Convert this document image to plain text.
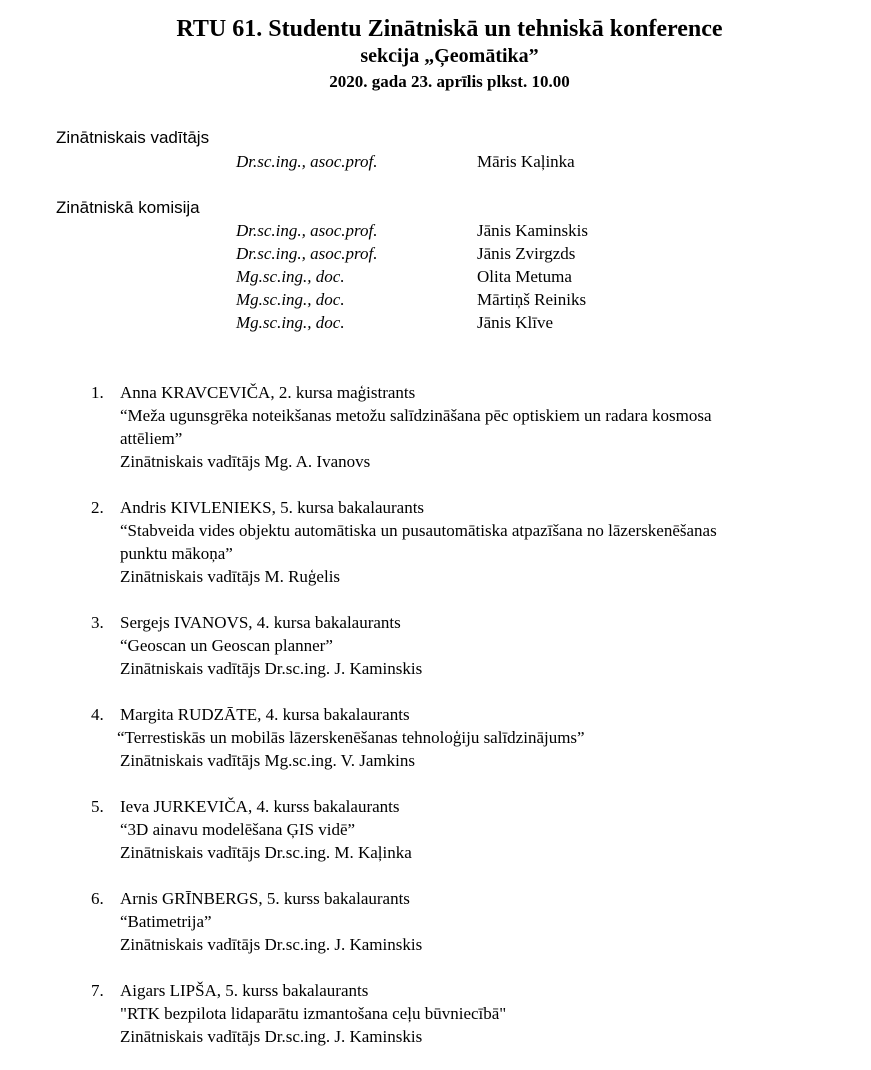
RTU 61. Studentu Zinātniskā un tehniskā konference
sekcija „Ģeomātika”
2020. gada 23. aprīlis plkst. 10.00
Zinātniskais vadītājs
Dr.sc.ing., asoc.prof.	Māris Kaļinka
Zinātniskā komisija
Dr.sc.ing., asoc.prof.	Jānis Kaminskis
Dr.sc.ing., asoc.prof.	Jānis Zvirgzds
Mg.sc.ing., doc.	Olita Metuma
Mg.sc.ing., doc.	Mārtiņš Reiniks
Mg.sc.ing., doc.	Jānis Klīve
1. Anna KRAVCEVIČA, 2. kursa maģistrants
“Meža ugunsgrēka noteikšanas metožu salīdzināšana pēc optiskiem un radara kosmosa
attēliem”
Zinātniskais vadītājs Mg. A. Ivanovs
2. Andris KIVLENIEKS, 5. kursa bakalaurants
“Stabveida vides objektu automātiska un pusautomātiska atpazīšana no lāzerskenēšanas
punktu mākoņa”
Zinātniskais vadītājs M. Ruģelis
3. Sergejs IVANOVS, 4. kursa bakalaurants
“Geoscan un Geoscan planner”
Zinātniskais vadītājs Dr.sc.ing. J. Kaminskis
4. Margita RUDZĀTE, 4. kursa bakalaurants
“Terrestiskās un mobilās lāzerskenēšanas tehnoloģiju salīdzinājums”
Zinātniskais vadītājs Mg.sc.ing. V. Jamkins
5. Ieva JURKEVIČA, 4. kurss bakalaurants
“3D ainavu modelēšana ĢIS vidē”
Zinātniskais vadītājs Dr.sc.ing. M. Kaļinka
6. Arnis GRĪNBERGS, 5. kurss bakalaurants
“Batimetrija”
Zinātniskais vadītājs Dr.sc.ing. J. Kaminskis
7. Aigars LIPŠA, 5. kurss bakalaurants
"RTK bezpilota lidaparātu izmantošana ceļu būvniecībā"
Zinātniskais vadītājs Dr.sc.ing. J. Kaminskis
